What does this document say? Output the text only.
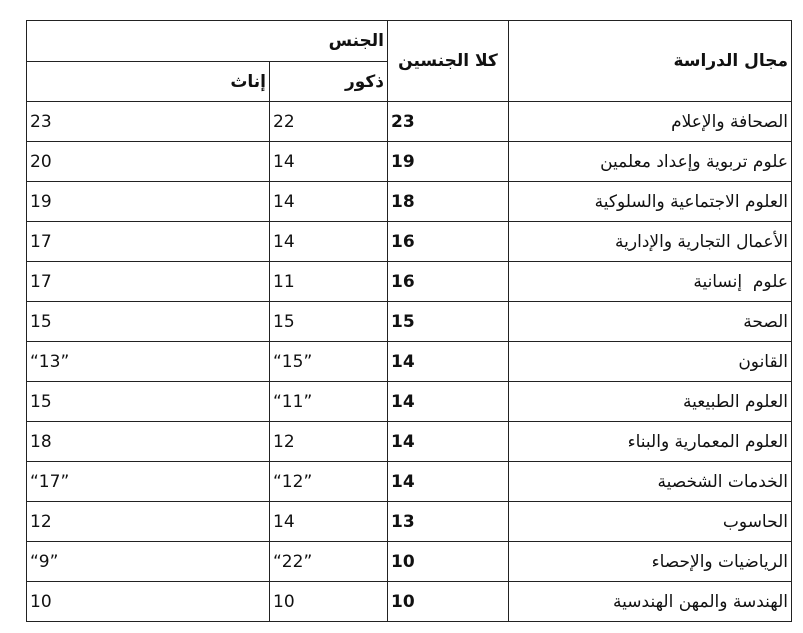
مجال الدراسة	كلا الجنسين	الجنس	
		ذكور	إناث
الصحافة والإعلام	23	22	23
علوم تربوية وإعداد معلمين	19	14	20
العلوم الاجتماعية والسلوكية	18	14	19
الأعمال التجارية والإدارية	16	14	17
علوم  إنسانية	16	11	17
الصحة	15	15	15
القانون	14	“15”	“13”
العلوم الطبيعية	14	“11”	15
العلوم المعمارية والبناء	14	12	18
الخدمات الشخصية	14	“12”	“17”
الحاسوب	13	14	12
الرياضيات والإحصاء	10	“22”	“9”
الهندسة والمهن الهندسية	10	10	10
